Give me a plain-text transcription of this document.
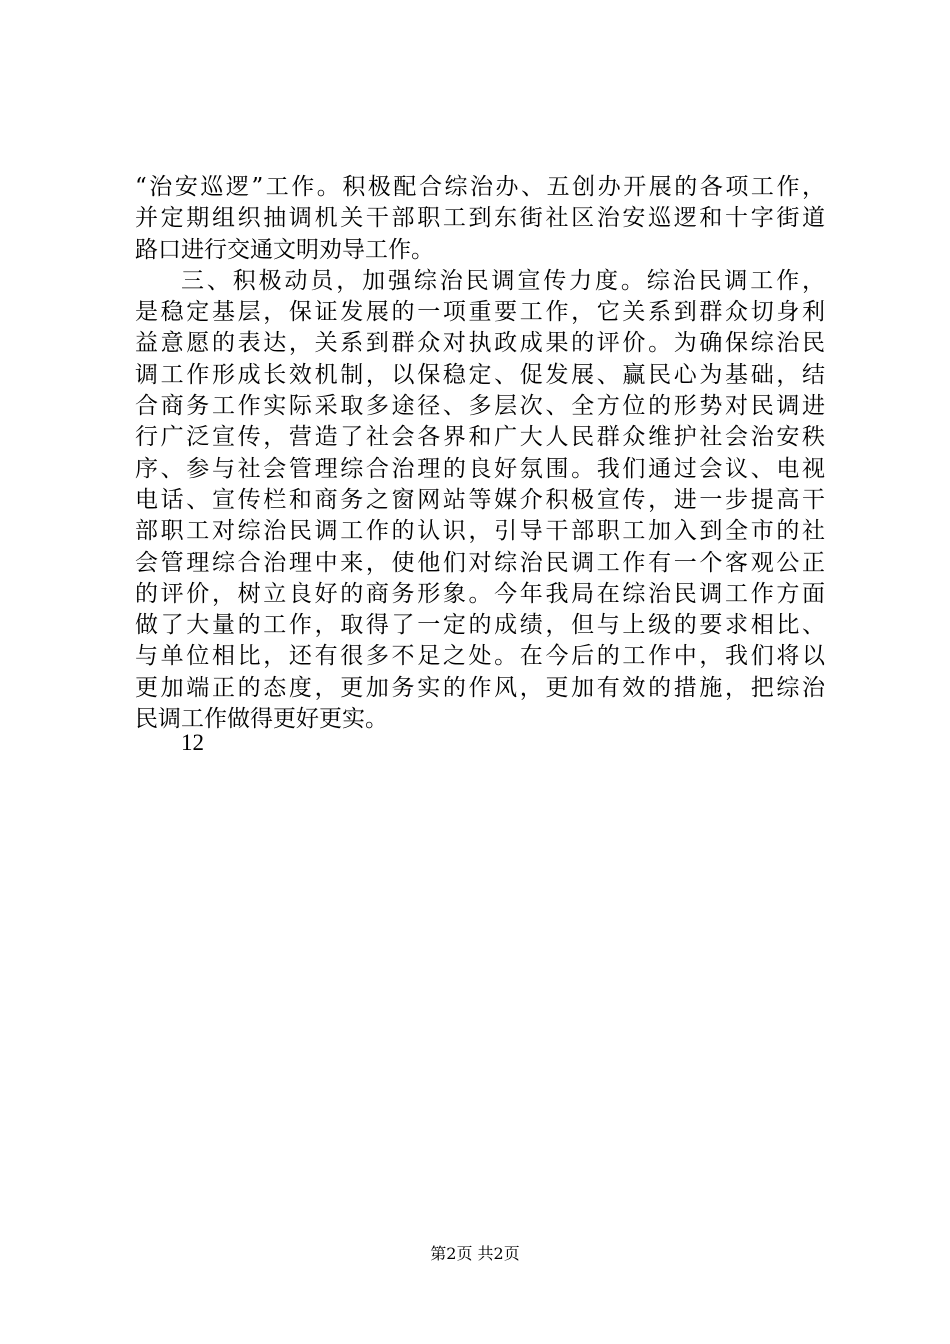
“治安巡逻”工作。积极配合综治办、五创办开展的各项工作，
并定期组织抽调机关干部职工到东街社区治安巡逻和十字街道
路口进行交通文明劝导工作。
三、积极动员，加强综治民调宣传力度。综治民调工作，
是稳定基层，保证发展的一项重要工作，它关系到群众切身利
益意愿的表达，关系到群众对执政成果的评价。为确保综治民
调工作形成长效机制，以保稳定、促发展、赢民心为基础，结
合商务工作实际采取多途径、多层次、全方位的形势对民调进
行广泛宣传，营造了社会各界和广大人民群众维护社会治安秩
序、参与社会管理综合治理的良好氛围。我们通过会议、电视
电话、宣传栏和商务之窗网站等媒介积极宣传，进一步提高干
部职工对综治民调工作的认识，引导干部职工加入到全市的社
会管理综合治理中来，使他们对综治民调工作有一个客观公正
的评价，树立良好的商务形象。今年我局在综治民调工作方面
做了大量的工作，取得了一定的成绩，但与上级的要求相比、
与单位相比，还有很多不足之处。在今后的工作中，我们将以
更加端正的态度，更加务实的作风，更加有效的措施，把综治
民调工作做得更好更实。
12
第2页 共2页
